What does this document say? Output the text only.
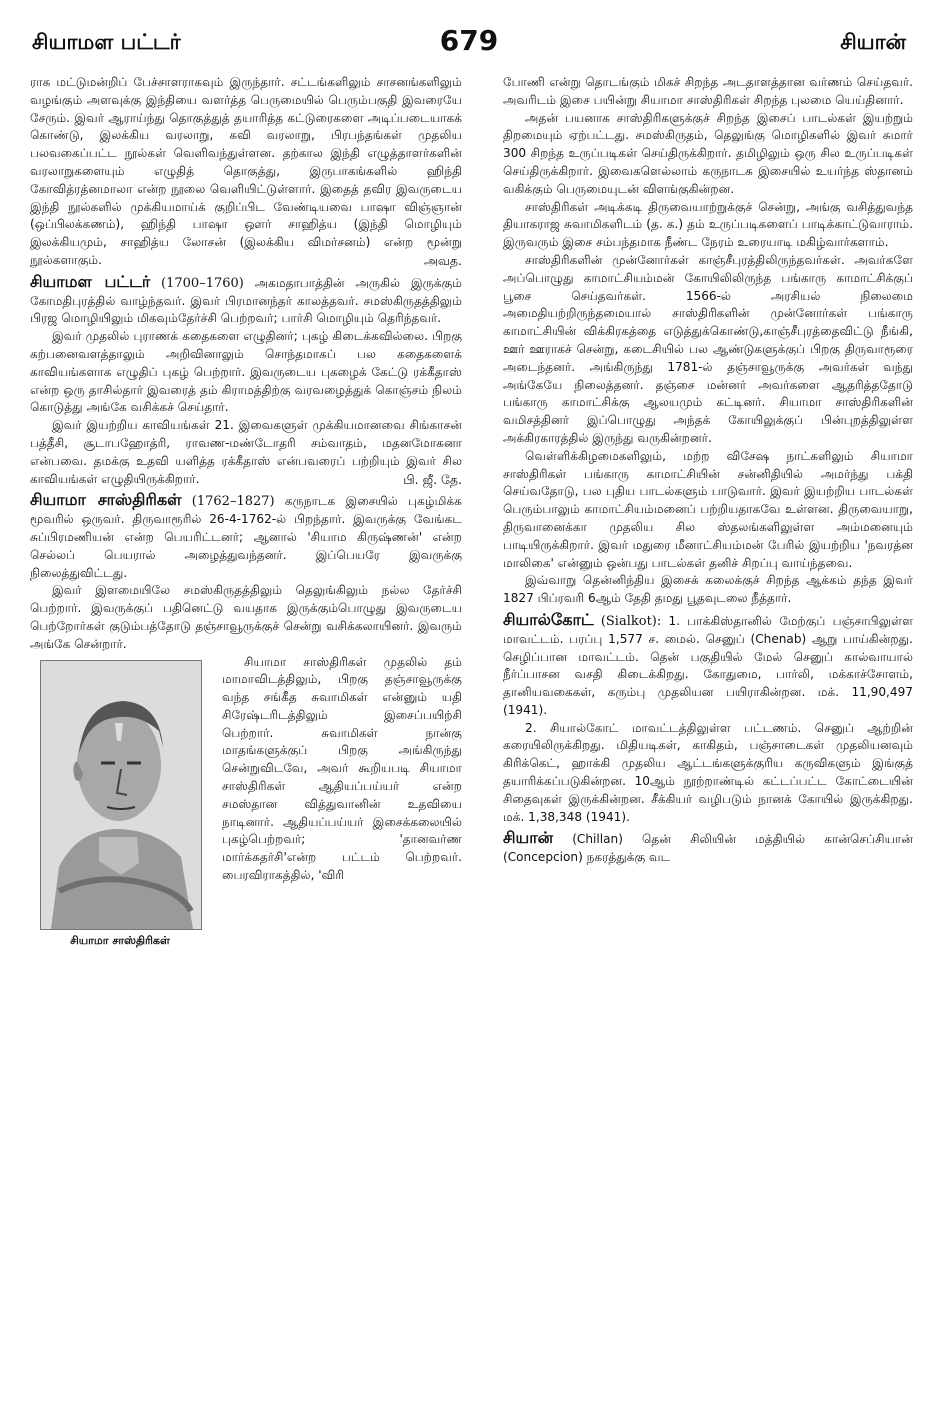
சியாமள பட்டர்	679	சியான்

ராக மட்டுமன்றிப் பேச்சாளராகவும் இருந்தார். சட்டங்களிலும் சாசனங்களிலும் வழங்கும் அளவுக்கு இந்தியை வளர்த்த பெருமையில் பெரும்பகுதி இவரையே சேரும். இவர் ஆராய்ந்து தொகுத்துத் தயாரித்த கட்டுரைகளை அடிப்படையாகக் கொண்டு, இலக்கிய வரலாறு, கவி வரலாறு, பிரபந்தங்கள் முதலிய பலவகைப்பட்ட நூல்கள் வெளிவந்துள்ளன. தற்கால இந்தி எழுத்தாளர்களின் வரலாறுகளையும் எழுதித் தொகுத்து, இருபாகங்களில் ஹிந்தி கோவித்ரத்னமாலா என்ற நூலை வெளியிட்டுள்ளார். இதைத் தவிர இவருடைய இந்தி நூல்களில் முக்கியமாய்க் குறிப்பிட வேண்டியவை பாஷா விஞ்ஞான் (ஒப்பிலக்கணம்), ஹிந்தி பாஷா ஔர் சாஹித்ய (இந்தி மொழியும் இலக்கியமும், சாஹித்ய லோசன் (இலக்கிய விமர்சனம்) என்ற மூன்று நூல்களாகும்.	அவத.

சியாமள பட்டர் (1700–1760) அகமதாபாத்தின் அருகில் இருக்கும் கோமதிபுரத்தில் வாழ்ந்தவர். இவர் பிரமானந்தர் காலத்தவர். சமஸ்கிருதத்திலும் பிரஜ மொழியிலும் மிகவும்தேர்ச்சி பெற்றவர்; பார்சி மொழியும் தெரிந்தவர்.

இவர் முதலில் புராணக் கதைகளை எழுதினர்; புகழ் கிடைக்கவில்லை. பிறகு கற்பனைவளத்தாலும் அறிவினாலும் சொந்தமாகப் பல கதைகளைக் காவியங்களாக எழுதிப் புகழ் பெற்றார். இவருடைய புகழைக் கேட்டு ரக்கீதாஸ் என்ற ஒரு தாசில்தார் இவரைத் தம் கிராமத்திற்கு வரவழைத்துக் கொஞ்சம் நிலம் கொடுத்து அங்கே வசிக்கச் செய்தார்.

இவர் இயற்றிய காவியங்கள் 21. இவைகளுள் முக்கியமானவை சிங்காசன் பத்தீசி, சூடாபஹோத்ரி, ராவண-மண்டோதரி சம்வாதம், மதனமோகனா என்பவை. தமக்கு உதவி யளித்த ரக்கீதாஸ் என்பவரைப் பற்றியும் இவர் சில காவியங்கள் எழுதியிருக்கிறார்.	பி. ஜீ. தே.

சியாமா சாஸ்திரிகள் (1762–1827) கருநாடக இசையில் புகழ்மிக்க மூவரில் ஒருவர். திருவாரூரில் 26-4-1762-ல் பிறந்தார். இவருக்கு வேங்கட சுப்பிரமணியன் என்ற பெயரிட்டனர்; ஆனால் 'சியாம கிருஷ்ணன்' என்ற செல்லப் பெயரால் அழைத்துவந்தனர். இப்பெயரே இவருக்கு நிலைத்துவிட்டது.

இவர் இளமையிலே சமஸ்கிருதத்திலும் தெலுங்கிலும் நல்ல தேர்ச்சி பெற்றார். இவருக்குப் பதினெட்டு வயதாக இருக்கும்பொழுது இவருடைய பெற்றோர்கள் குடும்பத்தோடு தஞ்சாவூருக்குச் சென்று வசிக்கலாயினர். இவரும் அங்கே சென்றார்.

சியாமா சாஸ்திரிகள்

சியாமா சாஸ்திரிகள் முதலில் தம் மாமாவிடத்திலும், பிறகு தஞ்சாவூருக்கு வந்த சங்கீத சுவாமிகள் என்னும் யதி சிரேஷ்டரிடத்திலும் இசைப்பயிற்சி பெற்றார். சுவாமிகள் நான்கு மாதங்களுக்குப் பிறகு அங்கிருந்து சென்றுவிடவே, அவர் கூறியபடி சியாமா சாஸ்திரிகள் ஆதியப்பய்யர் என்ற சமஸ்தான வித்துவானின் உதவியை நாடினார். ஆதியப்பய்யர் இசைக்கலையில் புகழ்பெற்றவர்; 'தானவர்ண மார்க்கதர்சி'என்ற பட்டம் பெற்றவர். பைரவிராகத்தில், 'விரி

போணி என்று தொடங்கும் மிகச் சிறந்த அடதாளத்தான வர்ணம் செய்தவர். அவரிடம் இசை பயின்று சியாமா சாஸ்திரிகள் சிறந்த புலமை யெய்தினார்.

அதன் பயனாக சாஸ்திரிகளுக்குச் சிறந்த இசைப் பாடல்கள் இயற்றும் திறமையும் ஏற்பட்டது. சமஸ்கிருதம், தெலுங்கு மொழிகளில் இவர் சுமார் 300 சிறந்த உருப்படிகள் செய்திருக்கிறார். தமிழிலும் ஒரு சில உருப்படிகள் செய்திருக்கிறார். இவைகளெல்லாம் கருநாடக இசையில் உயர்ந்த ஸ்தானம் வகிக்கும் பெருமையுடன் விளங்குகின்றன.

சாஸ்திரிகள் அடிக்கடி திருவையாற்றுக்குச் சென்று, அங்கு வசித்துவந்த தியாகராஜ சுவாமிகளிடம் (த. க.) தம் உருப்படிகளைப் பாடிக்காட்டுவாராம். இருவரும் இசை சம்பந்தமாக நீண்ட நேரம் உரையாடி மகிழ்வார்களாம்.

சாஸ்திரிகளின் முன்னோர்கள் காஞ்சீபுரத்திலிருந்தவர்கள். அவர்களே அப்பொழுது காமாட்சியம்மன் கோயிலிலிருந்த பங்காரு காமாட்சிக்குப் பூசை செய்தவர்கள். 1566-ல் அரசியல் நிலைமை அமைதியற்றிருந்தமையால் சாஸ்திரிகளின் முன்னோர்கள் பங்காரு காமாட்சியின் விக்கிரகத்தை எடுத்துக்கொண்டு,காஞ்சீபுரத்தைவிட்டு நீங்கி, ஊர் ஊராகச் சென்று, கடைசியில் பல ஆண்டுகளுக்குப் பிறகு திருவாரூரை அடைந்தனர். அங்கிருந்து 1781-ல் தஞ்சாவூருக்கு அவர்கள் வந்து அங்கேயே நிலைத்தனர். தஞ்சை மன்னர் அவர்களை ஆதரித்ததோடு பங்காரு காமாட்சிக்கு ஆலயமும் கட்டினர். சியாமா சாஸ்திரிகளின் வமிசத்தினர் இப்பொழுது அந்தக் கோயிலுக்குப் பின்புறத்திலுள்ள அக்கிரகாரத்தில் இருந்து வருகின்றனர்.

வெள்ளிக்கிழமைகளிலும், மற்ற விசேஷ நாட்களிலும் சியாமா சாஸ்திரிகள் பங்காரு காமாட்சியின் சன்னிதியில் அமர்ந்து பக்தி செய்வதோடு, பல புதிய பாடல்களும் பாடுவார். இவர் இயற்றிய பாடல்கள் பெரும்பாலும் காமாட்சியம்மனைப் பற்றியதாகவே உள்ளன. திருவையாறு, திருவானைக்கா முதலிய சில ஸ்தலங்களிலுள்ள அம்மனையும் பாடியிருக்கிறார். இவர் மதுரை மீனாட்சியம்மன் பேரில் இயற்றிய 'நவரத்ன மாலிகை' என்னும் ஒன்பது பாடல்கள் தனிச் சிறப்பு வாய்ந்தவை.

இவ்வாறு தென்னிந்திய இசைக் கலைக்குச் சிறந்த ஆக்கம் தந்த இவர் 1827 பிப்ரவரி 6ஆம் தேதி தமது பூதவுடலை நீத்தார்.

சியால்கோட் (Sialkot): 1. பாக்கிஸ்தானில் மேற்குப் பஞ்சாபிலுள்ள மாவட்டம். பரப்பு 1,577 ச. மைல். செனுப் (Chenab) ஆறு பாய்கின்றது. செழிப்பான மாவட்டம். தென் பகுதியில் மேல் செனுப் கால்வாயால் நீர்ப்பாசன வசதி கிடைக்கிறது. கோதுமை, பார்லி, மக்காச்சோளம், தானியவகைகள், கரும்பு முதலியன பயிராகின்றன. மக். 11,90,497 (1941).

2. சியால்கோட் மாவட்டத்திலுள்ள பட்டணம். செனுப் ஆற்றின் கரையிலிருக்கிறது. மிதியடிகள், காகிதம், பஞ்சாடைகள் முதலியனவும் கிரிக்கெட், ஹாக்கி முதலிய ஆட்டங்களுக்குரிய கருவிகளும் இங்குத் தயாரிக்கப்படுகின்றன. 10ஆம் நூற்றாண்டில் கட்டப்பட்ட கோட்டையின் சிதைவுகள் இருக்கின்றன. சீக்கியர் வழிபடும் நானக் கோயில் இருக்கிறது. மக். 1,38,348 (1941).

சியான் (Chillan) தென் சிலியின் மத்தியில் கான்செப்சியான் (Concepcion) நகரத்துக்கு வட
